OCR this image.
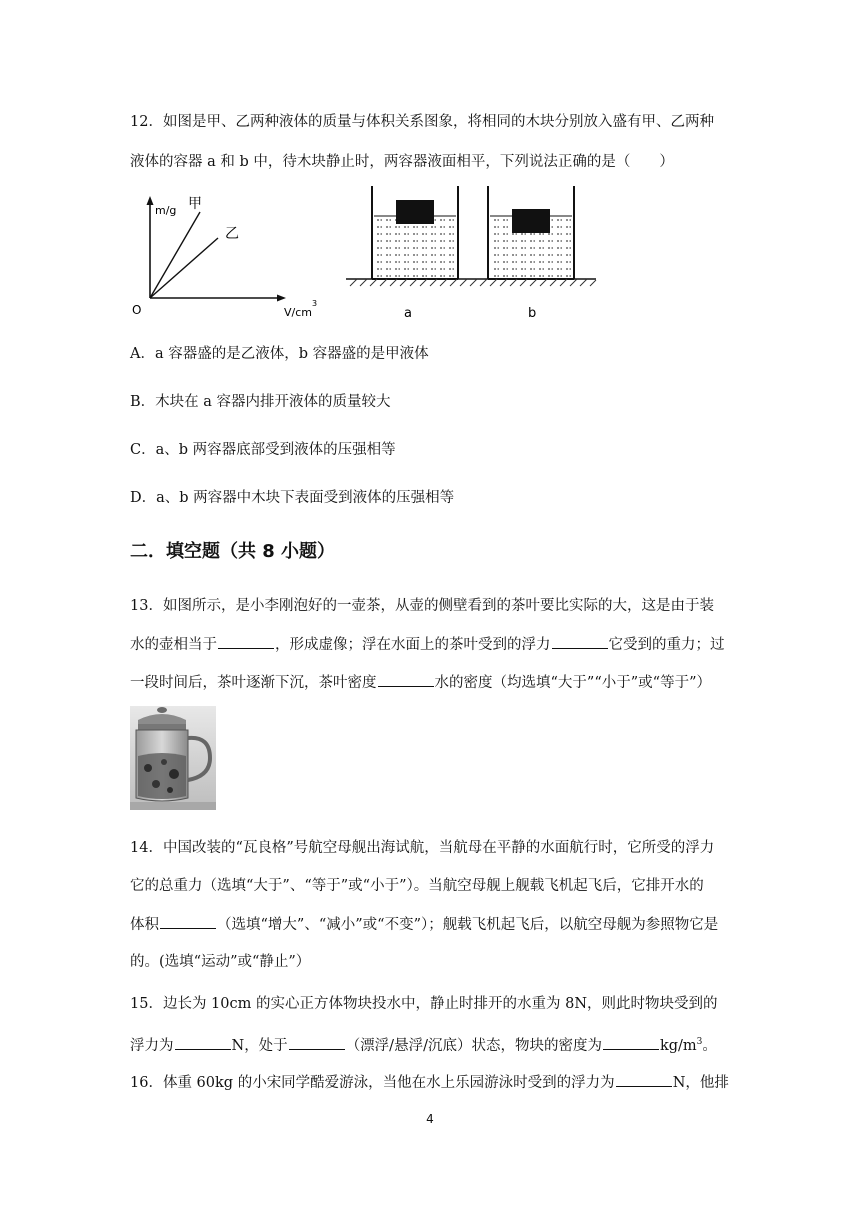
12．如图是甲、乙两种液体的质量与体积关系图象，将相同的木块分别放入盛有甲、乙两种
液体的容器 a 和 b 中，待木块静止时，两容器液面相平，下列说法正确的是（　　）
m/g 甲
乙
O	V/cm
3
a	b
A．a 容器盛的是乙液体，b 容器盛的是甲液体
B．木块在 a 容器内排开液体的质量较大
C．a、b 两容器底部受到液体的压强相等
D．a、b 两容器中木块下表面受到液体的压强相等
二．填空题（共 8 小题）
13．如图所示，是小李刚泡好的一壶茶，从壶的侧壁看到的茶叶要比实际的大，这是由于装
水的壶相当于	，形成虚像；浮在水面上的茶叶受到的浮力	它受到的重力；过
一段时间后，茶叶逐渐下沉，茶叶密度	水的密度（均选填“大于”“小于”或“等于”）
14．中国改装的“瓦良格”号航空母舰出海试航，当航母在平静的水面航行时，它所受的浮力
它的总重力（选填“大于”、“等于”或“小于”）。当航空母舰上舰载飞机起飞后，它排开水的
体积	（选填“增大”、“减小”或“不变”）；舰载飞机起飞后，以航空母舰为参照物它是
的。(选填“运动”或“静止”）
15．边长为 10cm 的实心正方体物块投水中，静止时排开的水重为 8N，则此时物块受到的
浮力为	N，处于	（漂浮/悬浮/沉底）状态，物块的密度为	$kg/m^3$。
16．体重 60kg 的小宋同学酷爱游泳，当他在水上乐园游泳时受到的浮力为	N，他排
4
